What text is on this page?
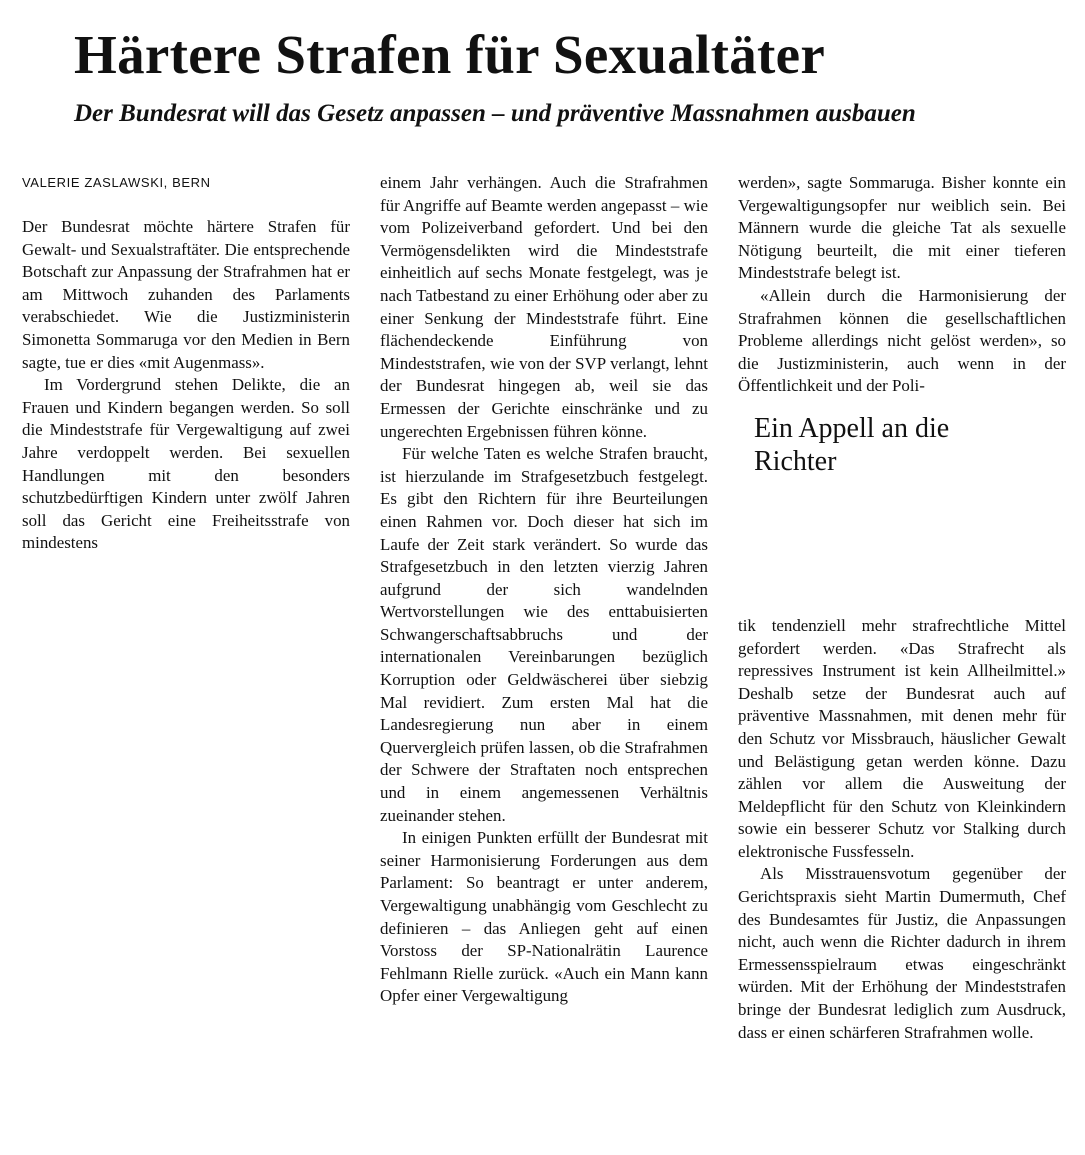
Härtere Strafen für Sexualtäter
Der Bundesrat will das Gesetz anpassen – und präventive Massnahmen ausbauen
VALERIE ZASLAWSKI, BERN

Der Bundesrat möchte härtere Strafen für Gewalt- und Sexualstraftäter. Die entsprechende Botschaft zur Anpassung der Strafrahmen hat er am Mittwoch zuhanden des Parlaments verabschiedet. Wie die Justizministerin Simonetta Sommaruga vor den Medien in Bern sagte, tue er dies «mit Augenmass».

Im Vordergrund stehen Delikte, die an Frauen und Kindern begangen werden. So soll die Mindeststrafe für Vergewaltigung auf zwei Jahre verdoppelt werden. Bei sexuellen Handlungen mit den besonders schutzbedürftigen Kindern unter zwölf Jahren soll das Gericht eine Freiheitsstrafe von mindestens

einem Jahr verhängen. Auch die Strafrahmen für Angriffe auf Beamte werden angepasst – wie vom Polizeiverband gefordert. Und bei den Vermögensdelikten wird die Mindeststrafe einheitlich auf sechs Monate festgelegt, was je nach Tatbestand zu einer Erhöhung oder aber zu einer Senkung der Mindeststrafe führt. Eine flächendeckende Einführung von Mindeststrafen, wie von der SVP verlangt, lehnt der Bundesrat hingegen ab, weil sie das Ermessen der Gerichte einschränke und zu ungerechten Ergebnissen führen könne.

Für welche Taten es welche Strafen braucht, ist hierzulande im Strafgesetzbuch festgelegt. Es gibt den Richtern für ihre Beurteilungen einen Rahmen vor. Doch dieser hat sich im Laufe der Zeit stark verändert. So wurde das Strafgesetzbuch in den letzten vierzig Jahren aufgrund der sich wandelnden Wertvorstellungen wie des enttabuisierten Schwangerschaftsabbruchs und der internationalen Vereinbarungen bezüglich Korruption oder Geldwäscherei über siebzig Mal revidiert. Zum ersten Mal hat die Landesregierung nun aber in einem Quervergleich prüfen lassen, ob die Strafrahmen der Schwere der Straftaten noch entsprechen und in einem angemessenen Verhältnis zueinander stehen.

In einigen Punkten erfüllt der Bundesrat mit seiner Harmonisierung Forderungen aus dem Parlament: So beantragt er unter anderem, Vergewaltigung unabhängig vom Geschlecht zu definieren – das Anliegen geht auf einen Vorstoss der SP-Nationalrätin Laurence Fehlmann Rielle zurück. «Auch ein Mann kann Opfer einer Vergewaltigung

werden», sagte Sommaruga. Bisher konnte ein Vergewaltigungsopfer nur weiblich sein. Bei Männern wurde die gleiche Tat als sexuelle Nötigung beurteilt, die mit einer tieferen Mindeststrafe belegt ist.

«Allein durch die Harmonisierung der Strafrahmen können die gesellschaftlichen Probleme allerdings nicht gelöst werden», so die Justizministerin, auch wenn in der Öffentlichkeit und der Poli-

Ein Appell an die Richter

tik tendenziell mehr strafrechtliche Mittel gefordert werden. «Das Strafrecht als repressives Instrument ist kein Allheilmittel.» Deshalb setze der Bundesrat auch auf präventive Massnahmen, mit denen mehr für den Schutz vor Missbrauch, häuslicher Gewalt und Belästigung getan werden könne. Dazu zählen vor allem die Ausweitung der Meldepflicht für den Schutz von Kleinkindern sowie ein besserer Schutz vor Stalking durch elektronische Fussfesseln.

Als Misstrauensvotum gegenüber der Gerichtspraxis sieht Martin Dumermuth, Chef des Bundesamtes für Justiz, die Anpassungen nicht, auch wenn die Richter dadurch in ihrem Ermessensspielraum etwas eingeschränkt würden. Mit der Erhöhung der Mindeststrafen bringe der Bundesrat lediglich zum Ausdruck, dass er einen schärferen Strafrahmen wolle.
